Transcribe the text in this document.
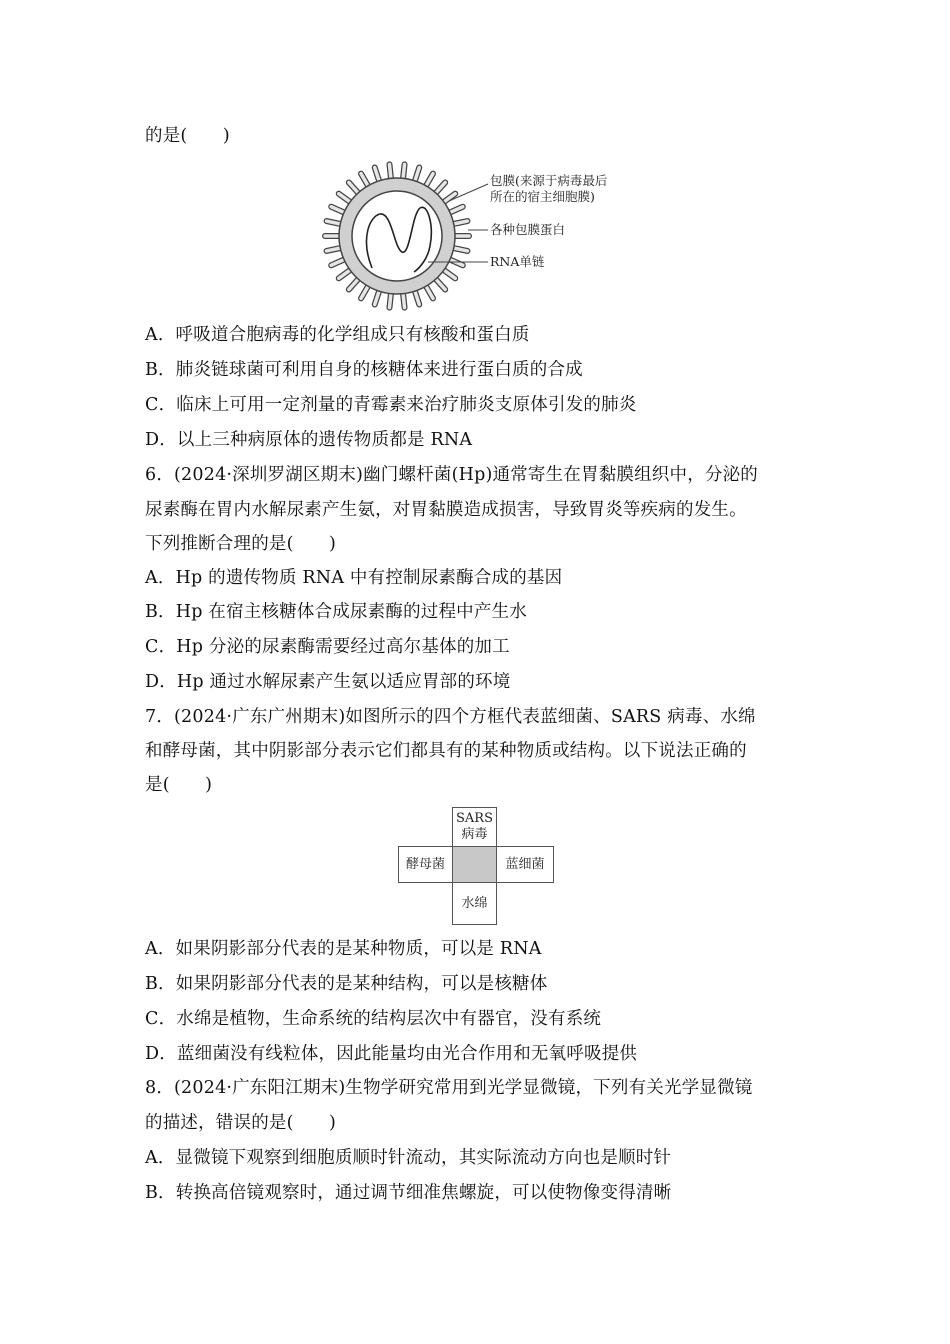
的是(　　)
包膜(来源于病毒最后
所在的宿主细胞膜)
各种包膜蛋白
RNA单链
A．呼吸道合胞病毒的化学组成只有核酸和蛋白质
B．肺炎链球菌可利用自身的核糖体来进行蛋白质的合成
C．临床上可用一定剂量的青霉素来治疗肺炎支原体引发的肺炎
D．以上三种病原体的遗传物质都是 RNA
6．(2024·深圳罗湖区期末)幽门螺杆菌(Hp)通常寄生在胃黏膜组织中，分泌的
尿素酶在胃内水解尿素产生氨，对胃黏膜造成损害，导致胃炎等疾病的发生。
下列推断合理的是(　　)
A．Hp 的遗传物质 RNA 中有控制尿素酶合成的基因
B．Hp 在宿主核糖体合成尿素酶的过程中产生水
C．Hp 分泌的尿素酶需要经过高尔基体的加工
D．Hp 通过水解尿素产生氨以适应胃部的环境
7．(2024·广东广州期末)如图所示的四个方框代表蓝细菌、SARS 病毒、水绵
和酵母菌，其中阴影部分表示它们都具有的某种物质或结构。以下说法正确的
是(　　)
SARS
病毒
酵母菌	蓝细菌
水绵
A．如果阴影部分代表的是某种物质，可以是 RNA
B．如果阴影部分代表的是某种结构，可以是核糖体
C．水绵是植物，生命系统的结构层次中有器官，没有系统
D．蓝细菌没有线粒体，因此能量均由光合作用和无氧呼吸提供
8．(2024·广东阳江期末)生物学研究常用到光学显微镜，下列有关光学显微镜
的描述，错误的是(　　)
A．显微镜下观察到细胞质顺时针流动，其实际流动方向也是顺时针
B．转换高倍镜观察时，通过调节细准焦螺旋，可以使物像变得清晰
